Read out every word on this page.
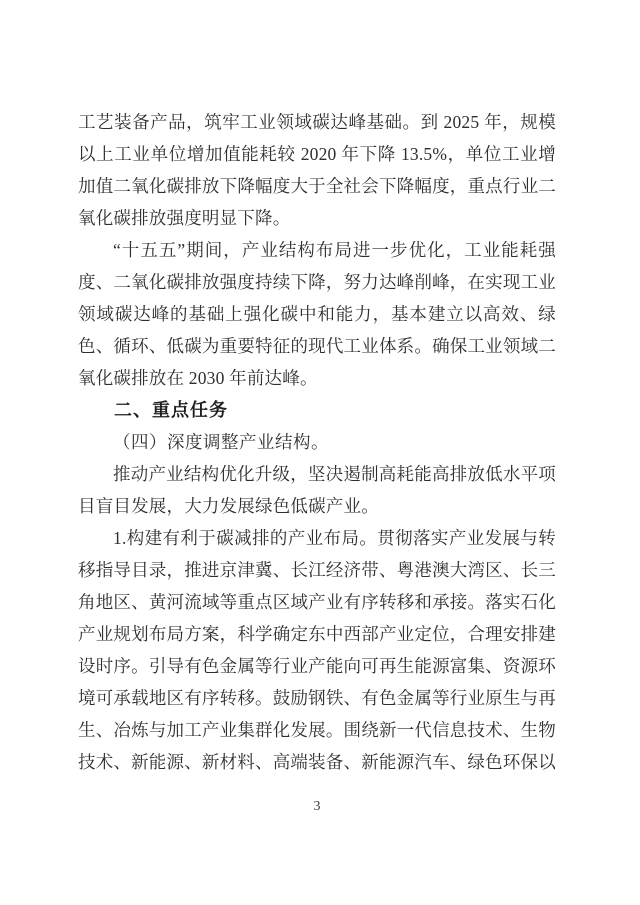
工艺装备产品，筑牢工业领域碳达峰基础。到 2025 年，规模以上工业单位增加值能耗较 2020 年下降 13.5%，单位工业增加值二氧化碳排放下降幅度大于全社会下降幅度，重点行业二氧化碳排放强度明显下降。

“十五五”期间，产业结构布局进一步优化，工业能耗强度、二氧化碳排放强度持续下降，努力达峰削峰，在实现工业领域碳达峰的基础上强化碳中和能力，基本建立以高效、绿色、循环、低碳为重要特征的现代工业体系。确保工业领域二氧化碳排放在 2030 年前达峰。

二、重点任务

（四）深度调整产业结构。

推动产业结构优化升级，坚决遏制高耗能高排放低水平项目盲目发展，大力发展绿色低碳产业。

1.构建有利于碳减排的产业布局。贯彻落实产业发展与转移指导目录，推进京津冀、长江经济带、粤港澳大湾区、长三角地区、黄河流域等重点区域产业有序转移和承接。落实石化产业规划布局方案，科学确定东中西部产业定位，合理安排建设时序。引导有色金属等行业产能向可再生能源富集、资源环境可承载地区有序转移。鼓励钢铁、有色金属等行业原生与再生、冶炼与加工产业集群化发展。围绕新一代信息技术、生物技术、新能源、新材料、高端装备、新能源汽车、绿色环保以

3
